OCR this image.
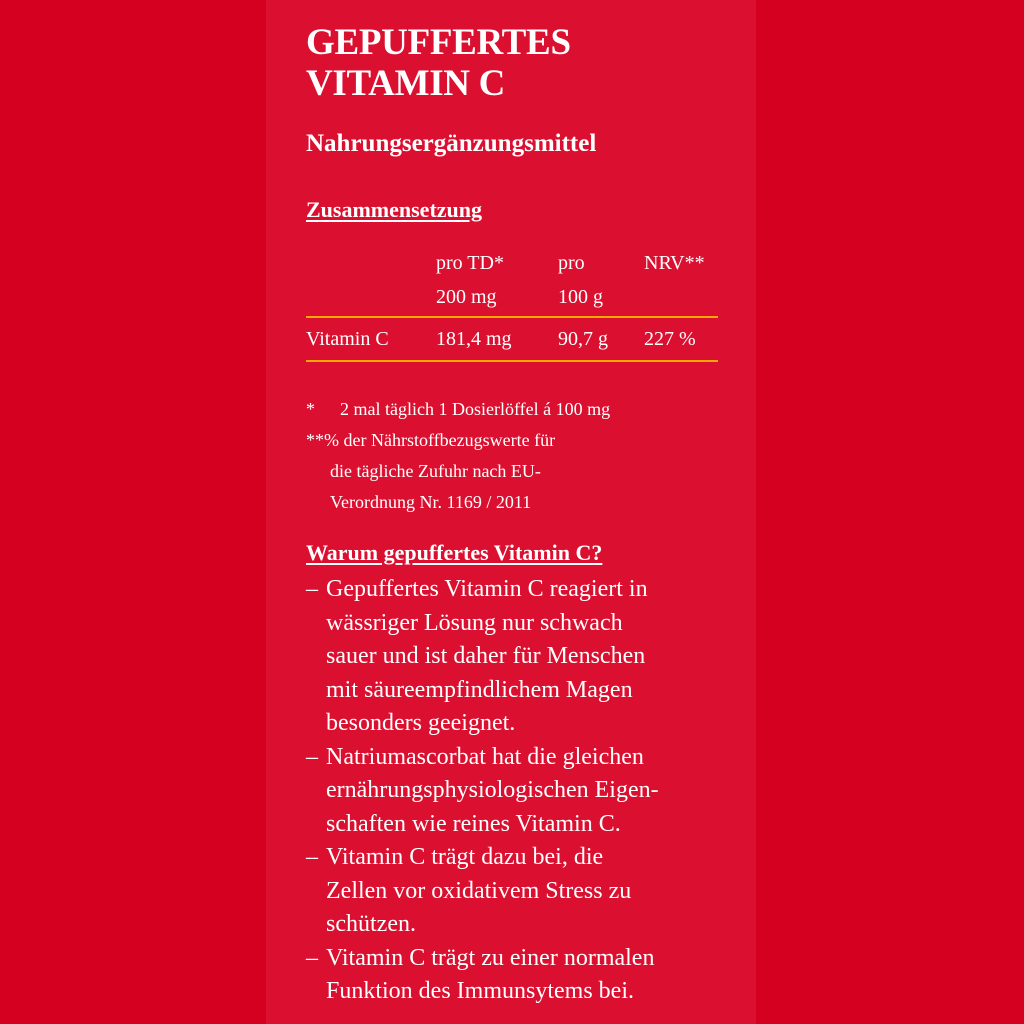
GEPUFFERTES
VITAMIN C
Nahrungsergänzungsmittel
Zusammensetzung
pro TD*
200 mg
pro
100 g
NRV**
Vitamin C 181,4 mg 90,7 g 227 %
*	2 mal täglich 1 Dosierlöffel á 100 mg
**% der Nährstoffbezugswerte für
die tägliche Zufuhr nach EU-
Verordnung Nr. 1169 / 2011
Warum gepuffertes Vitamin C?
– Gepuffertes Vitamin C reagiert in
wässriger Lösung nur schwach
sauer und ist daher für Menschen
mit säureempfindlichem Magen
besonders geeignet.
– Natriumascorbat hat die gleichen
ernährungsphysiologischen Eigen-
schaften wie reines Vitamin C.
– Vitamin C trägt dazu bei, die
Zellen vor oxidativem Stress zu
schützen.
– Vitamin C trägt zu einer normalen
Funktion des Immunsytems bei.
